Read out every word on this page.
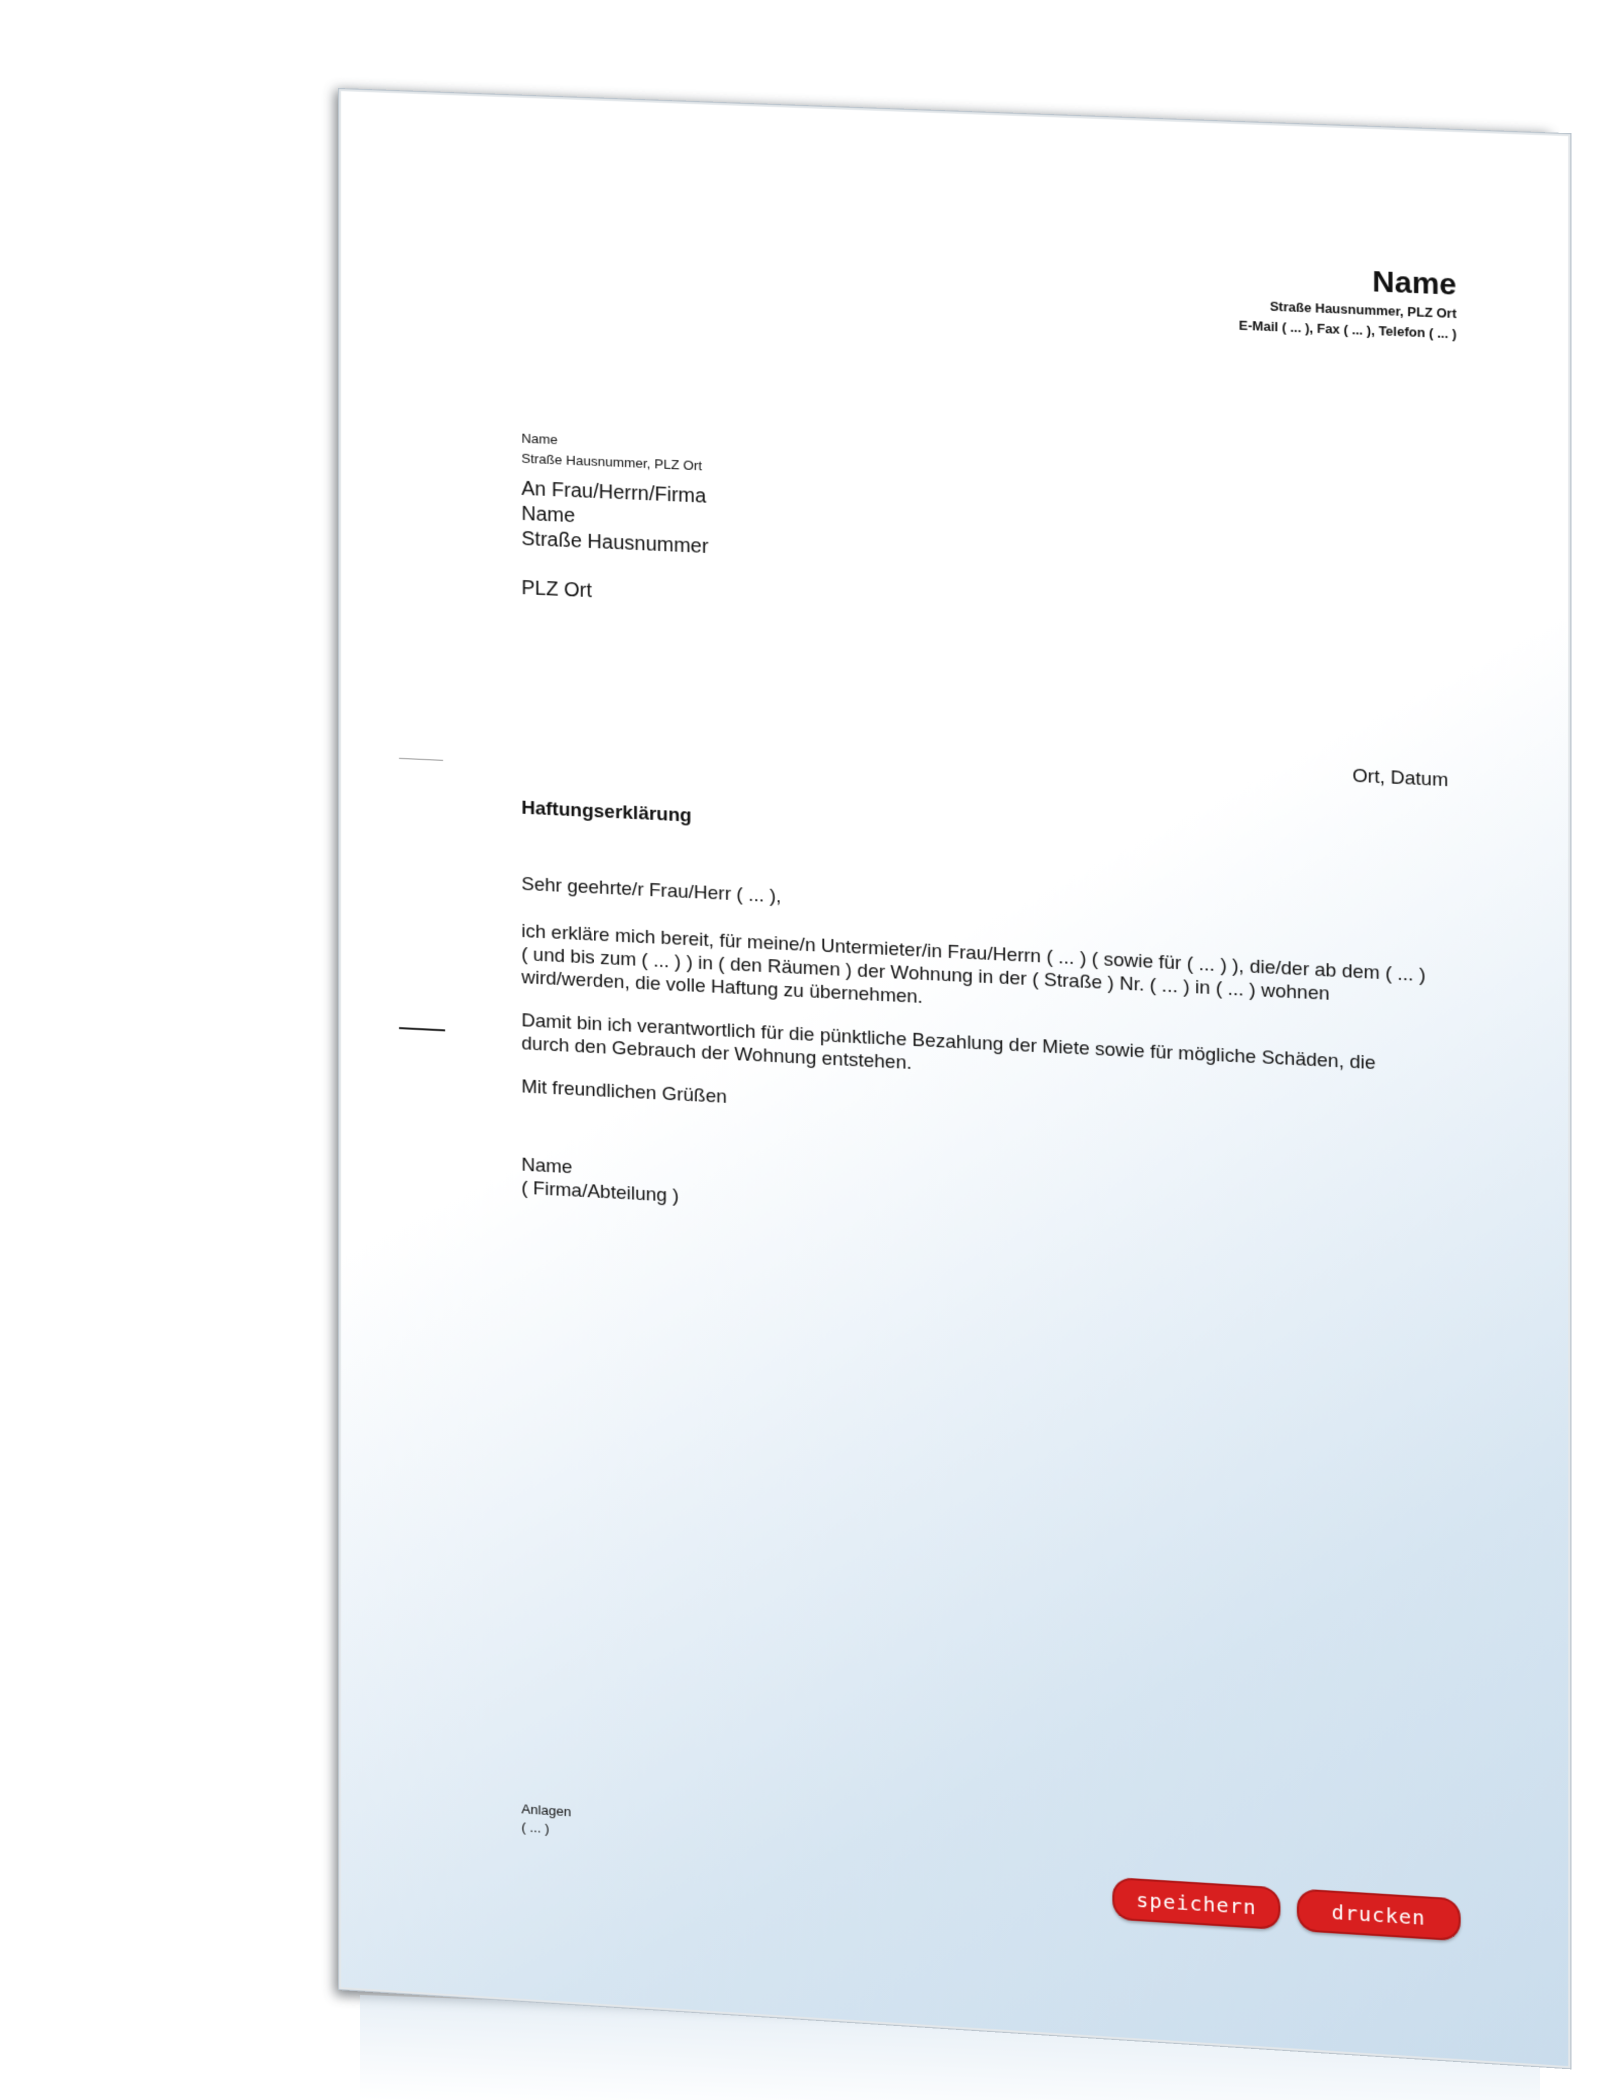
Name
Straße Hausnummer, PLZ Ort
E-Mail ( ... ), Fax ( ... ), Telefon ( ... )
Name
Straße Hausnummer, PLZ Ort
An Frau/Herrn/Firma
Name
Straße Hausnummer
PLZ Ort
Ort, Datum
Haftungserklärung

Sehr geehrte/r Frau/Herr ( ... ),

ich erkläre mich bereit, für meine/n Untermieter/in Frau/Herrn ( ... ) ( sowie für ( ... ) ), die/der ab dem ( ... ) ( und bis zum ( ... ) ) in ( den Räumen ) der Wohnung in der ( Straße ) Nr. ( ... ) in ( ... ) wohnen wird/werden, die volle Haftung zu übernehmen.

Damit bin ich verantwortlich für die pünktliche Bezahlung der Miete sowie für mögliche Schäden, die durch den Gebrauch der Wohnung entstehen.

Mit freundlichen Grüßen

Name
( Firma/Abteilung )
Anlagen
( ... )
speichern	drucken
